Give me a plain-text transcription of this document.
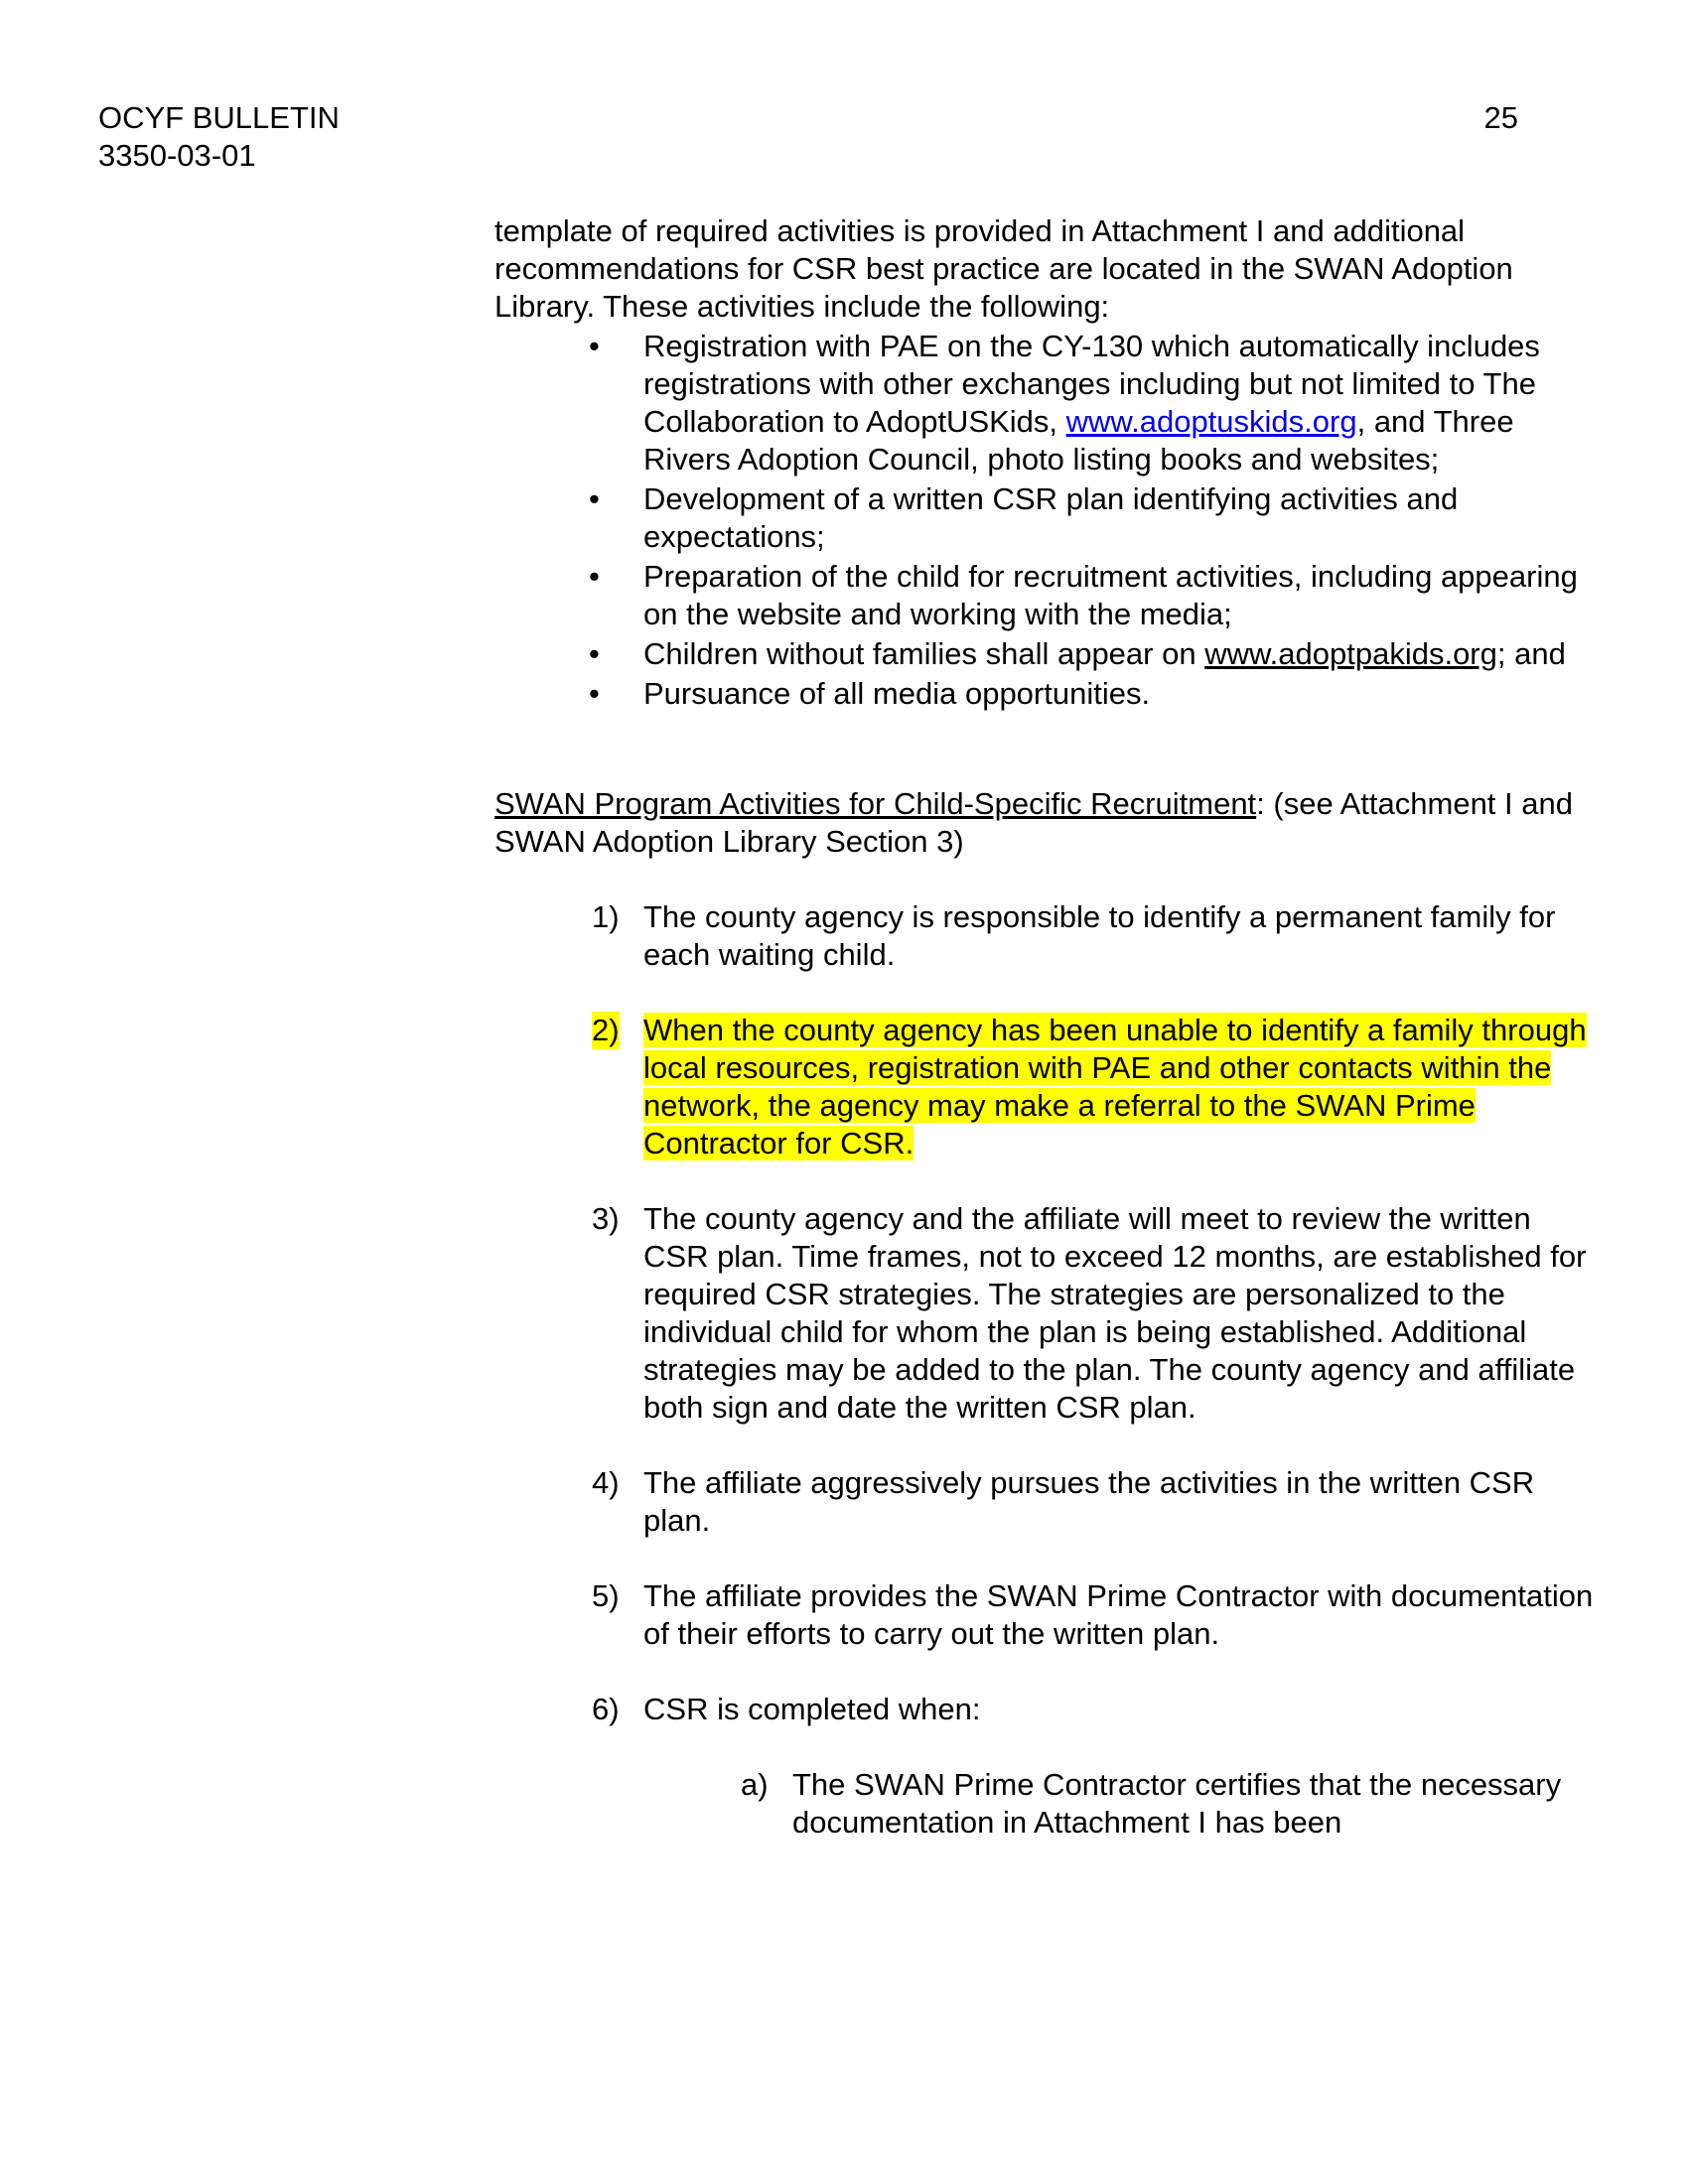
OCYF BULLETIN
3350-03-01
25

template of required activities is provided in Attachment I and additional recommendations for CSR best practice are located in the SWAN Adoption Library. These activities include the following:

• Registration with PAE on the CY-130 which automatically includes registrations with other exchanges including but not limited to The Collaboration to AdoptUSKids, www.adoptuskids.org, and Three Rivers Adoption Council, photo listing books and websites;
• Development of a written CSR plan identifying activities and expectations;
• Preparation of the child for recruitment activities, including appearing on the website and working with the media;
• Children without families shall appear on www.adoptpakids.org; and
• Pursuance of all media opportunities.

SWAN Program Activities for Child-Specific Recruitment: (see Attachment I and SWAN Adoption Library Section 3)

1) The county agency is responsible to identify a permanent family for each waiting child.
2) When the county agency has been unable to identify a family through local resources, registration with PAE and other contacts within the network, the agency may make a referral to the SWAN Prime Contractor for CSR.
3) The county agency and the affiliate will meet to review the written CSR plan. Time frames, not to exceed 12 months, are established for required CSR strategies. The strategies are personalized to the individual child for whom the plan is being established. Additional strategies may be added to the plan. The county agency and affiliate both sign and date the written CSR plan.
4) The affiliate aggressively pursues the activities in the written CSR plan.
5) The affiliate provides the SWAN Prime Contractor with documentation of their efforts to carry out the written plan.
6) CSR is completed when:
a) The SWAN Prime Contractor certifies that the necessary documentation in Attachment I has been
